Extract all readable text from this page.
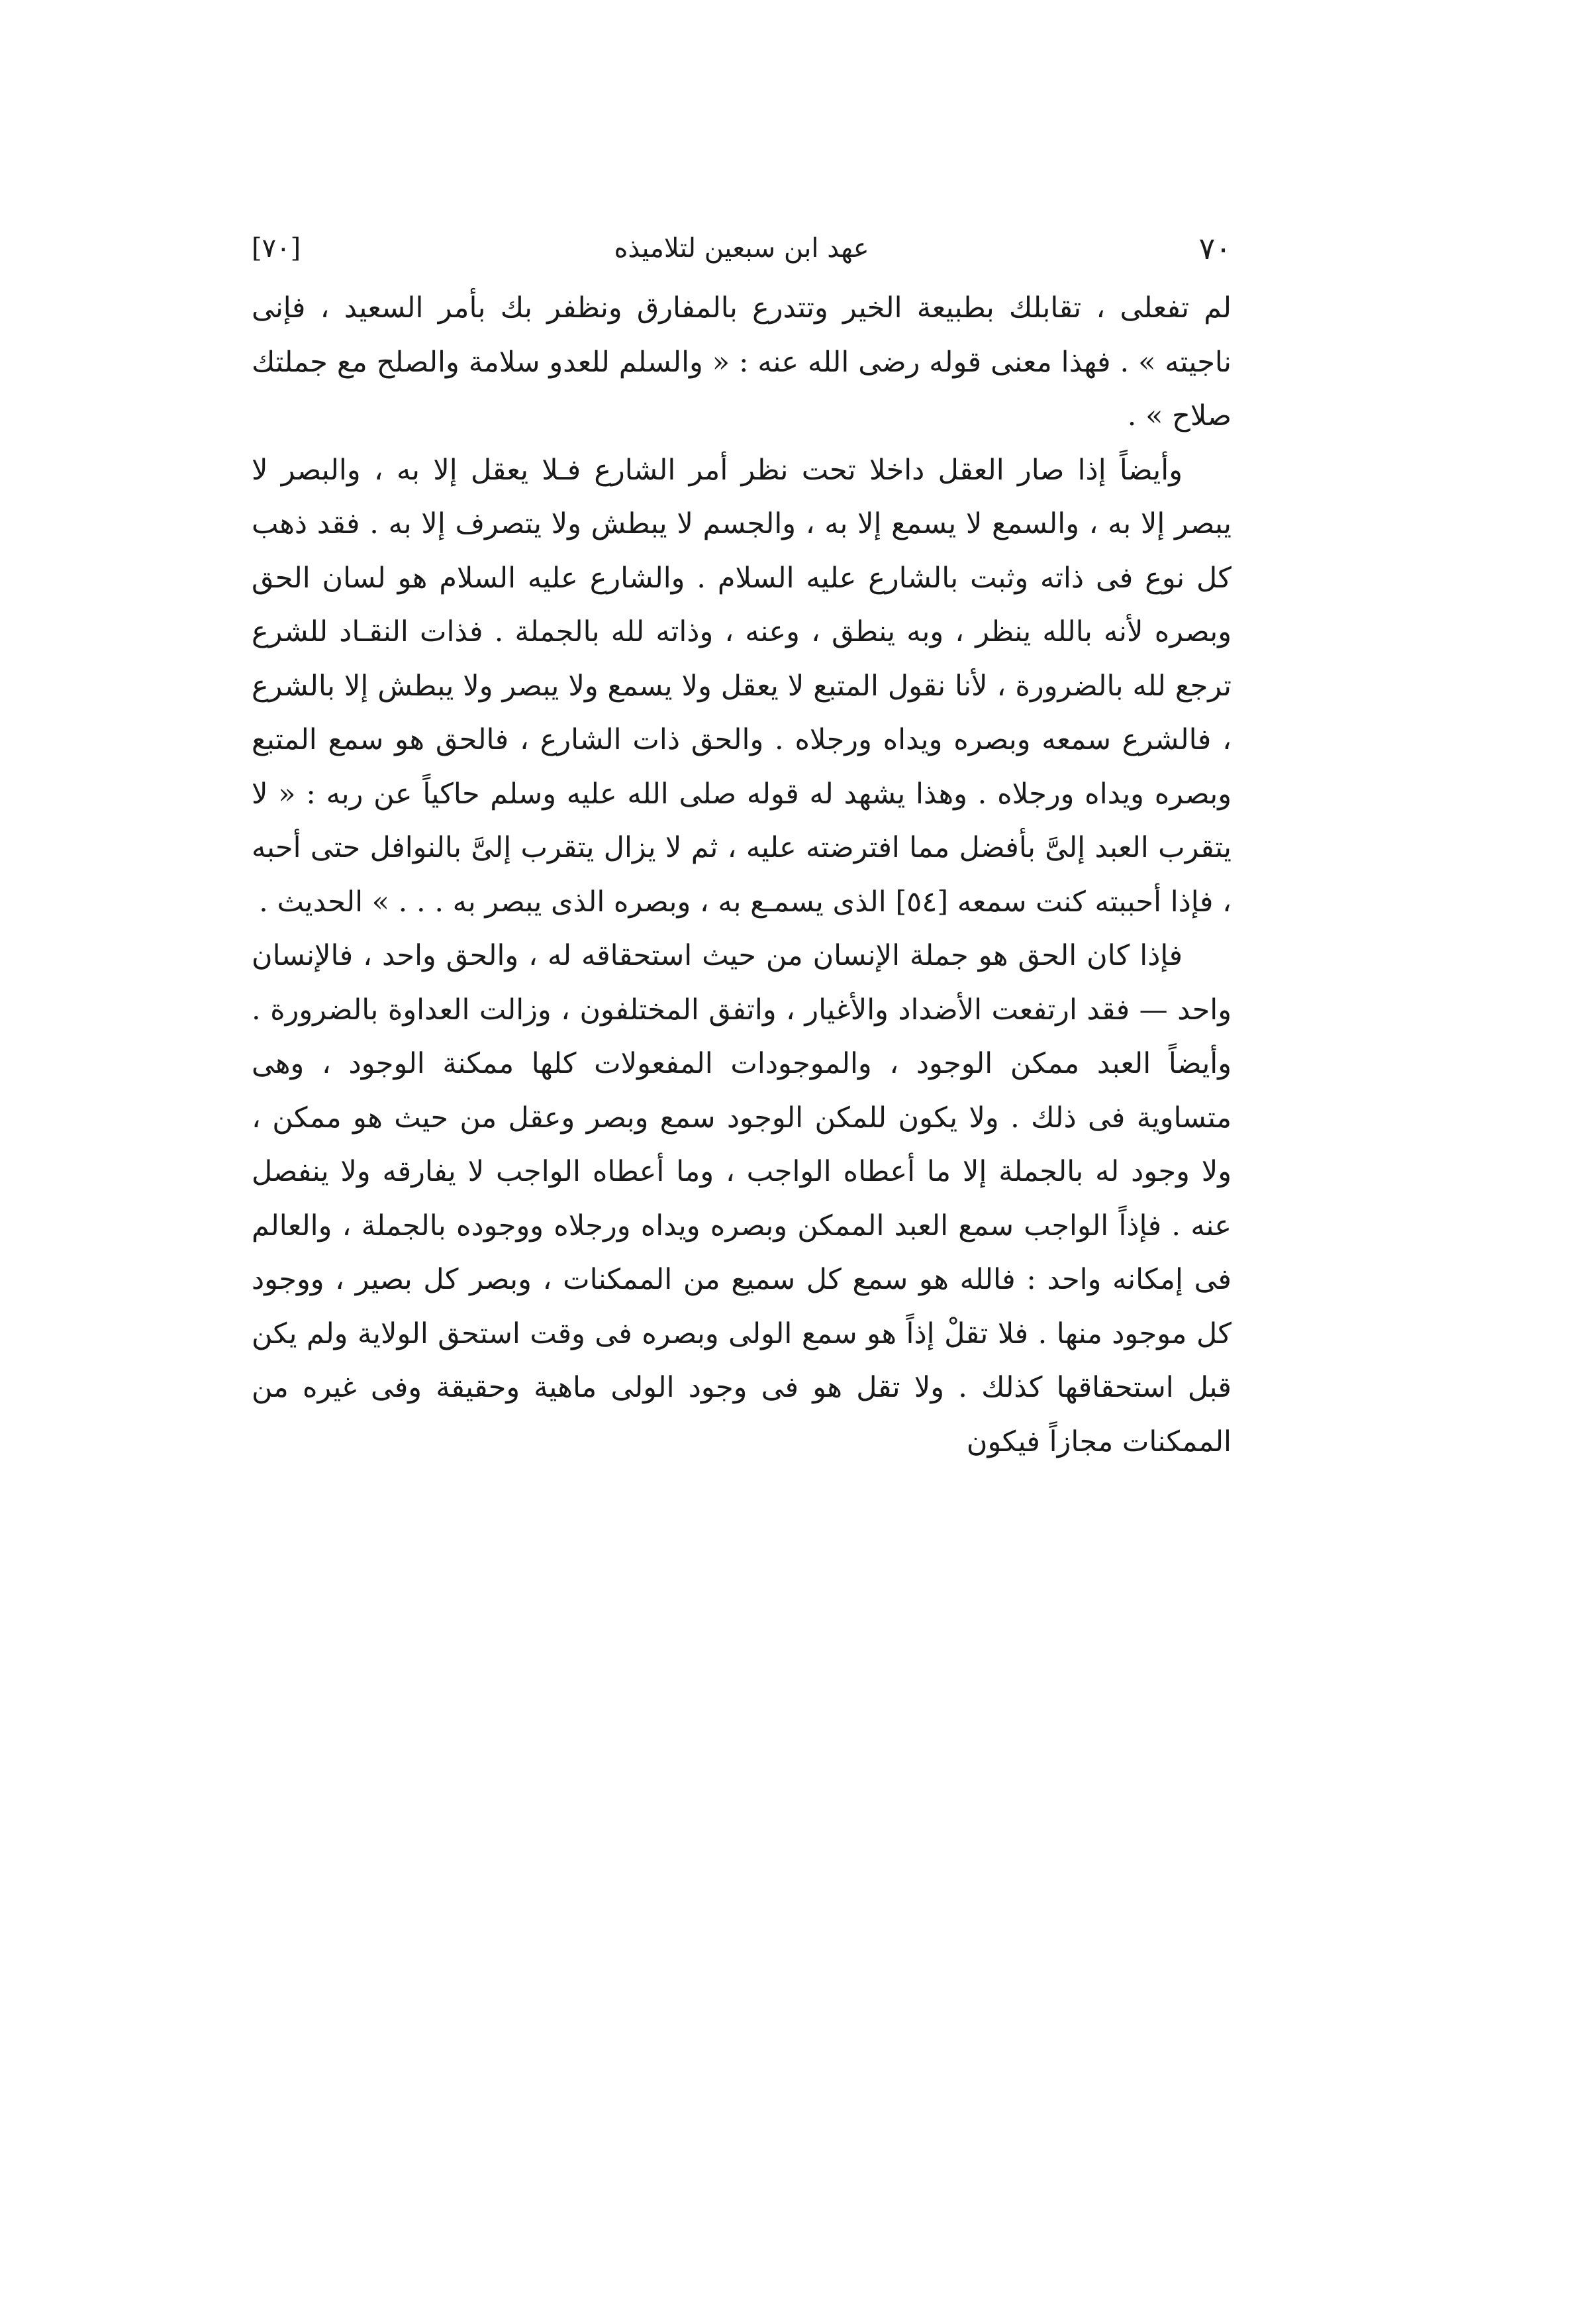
٧٠
عهد ابن سبعين لتلاميذه
[٧٠]

لم تفعلى ، تقابلك بطبيعة الخير وتتدرع بالمفارق ونظفر بك بأمر السعيد ، فإنى ناجيته » . فهذا معنى قوله رضى الله عنه : « والسلم للعدو سلامة والصلح مع جملتك صلاح » .

وأيضاً إذا صار العقل داخلا تحت نظر أمر الشارع فـلا يعقل إلا به ، والبصر لا يبصر إلا به ، والسمع لا يسمع إلا به ، والجسم لا يبطش ولا يتصرف إلا به . فقد ذهب كل نوع فى ذاته وثبت بالشارع عليه السلام . والشارع عليه السلام هو لسان الحق وبصره لأنه بالله ينظر ، وبه ينطق ، وعنه ، وذاته لله بالجملة . فذات النقـاد للشرع ترجع لله بالضرورة ، لأنا نقول المتبع لا يعقل ولا يسمع ولا يبصر ولا يبطش إلا بالشرع ، فالشرع سمعه وبصره ويداه ورجلاه . والحق ذات الشارع ، فالحق هو سمع المتبع وبصره ويداه ورجلاه . وهذا يشهد له قوله صلى الله عليه وسلم حاكياً عن ربه : « لا يتقرب العبد إلىَّ بأفضل مما افترضته عليه ، ثم لا يزال يتقرب إلىَّ بالنوافل حتى أحبه ، فإذا أحببته كنت سمعه [٥٤] الذى يسمـع به ، وبصره الذى يبصر به . . . » الحديث .

فإذا كان الحق هو جملة الإنسان من حيث استحقاقه له ، والحق واحد ، فالإنسان واحد — فقد ارتفعت الأضداد والأغيار ، واتفق المختلفون ، وزالت العداوة بالضرورة . وأيضاً العبد ممكن الوجود ، والموجودات المفعولات كلها ممكنة الوجود ، وهى متساوية فى ذلك . ولا يكون للمكن الوجود سمع وبصر وعقل من حيث هو ممكن ، ولا وجود له بالجملة إلا ما أعطاه الواجب ، وما أعطاه الواجب لا يفارقه ولا ينفصل عنه . فإذاً الواجب سمع العبد الممكن وبصره ويداه ورجلاه ووجوده بالجملة ، والعالم فى إمكانه واحد : فالله هو سمع كل سميع من الممكنات ، وبصر كل بصير ، ووجود كل موجود منها . فلا تقلْ إذاً هو سمع الولى وبصره فى وقت استحق الولاية ولم يكن قبل استحقاقها كذلك . ولا تقل هو فى وجود الولى ماهية وحقيقة وفى غيره من الممكنات مجازاً فيكون
